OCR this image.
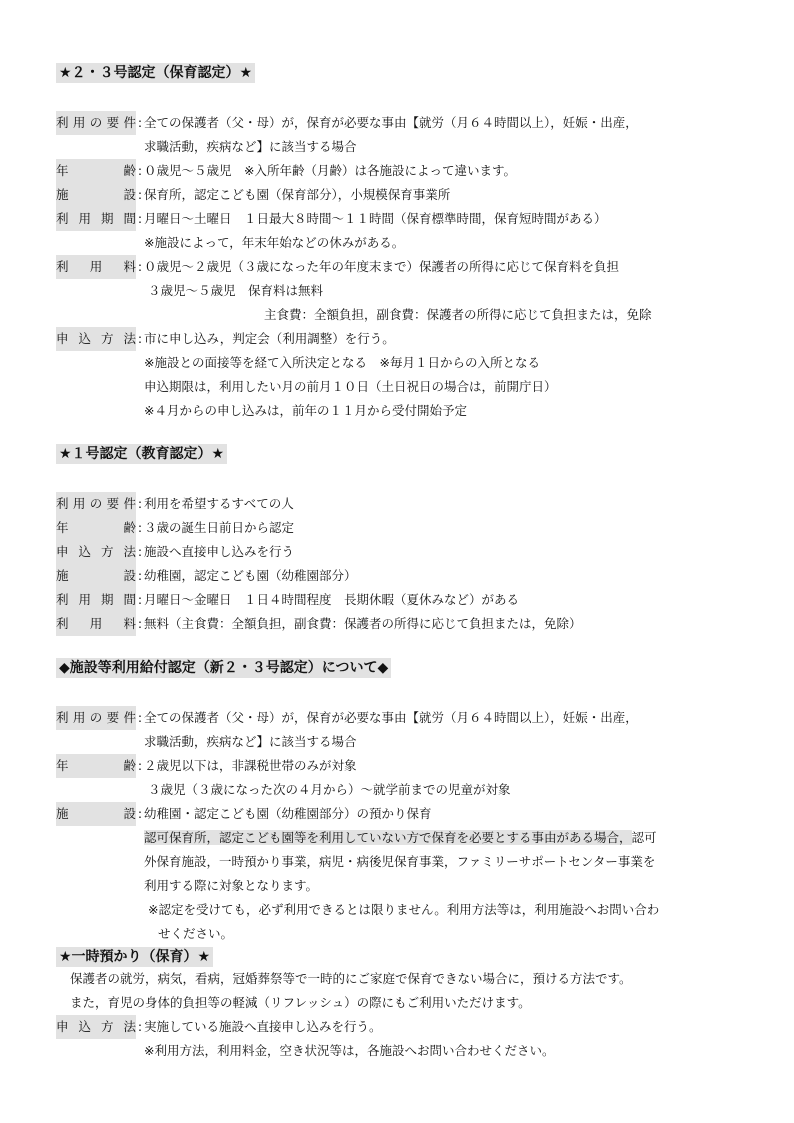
★２・３号認定（保育認定）★
利用の要件 : 全ての保護者（父・母）が，保育が必要な事由【就労（月６４時間以上），妊娠・出産，
求職活動，疾病など】に該当する場合
年齢 : ０歳児～５歳児　※入所年齢（月齢）は各施設によって違います。
施設 : 保育所，認定こども園（保育部分），小規模保育事業所
利用期間 : 月曜日～土曜日　１日最大８時間～１１時間（保育標準時間，保育短時間がある）
※施設によって，年末年始などの休みがある。
利用料 : ０歳児～２歳児（３歳になった年の年度末まで）保護者の所得に応じて保育料を負担
３歳児～５歳児　保育料は無料
主食費：全額負担，副食費：保護者の所得に応じて負担または，免除
申込方法 : 市に申し込み，判定会（利用調整）を行う。
※施設との面接等を経て入所決定となる　※毎月１日からの入所となる
申込期限は，利用したい月の前月１０日（土日祝日の場合は，前開庁日）
※４月からの申し込みは，前年の１１月から受付開始予定
★１号認定（教育認定）★
利用の要件 : 利用を希望するすべての人
年齢 : ３歳の誕生日前日から認定
申込方法 : 施設へ直接申し込みを行う
施設 : 幼稚園，認定こども園（幼稚園部分）
利用期間 : 月曜日～金曜日　１日４時間程度　長期休暇（夏休みなど）がある
利用料 : 無料（主食費：全額負担，副食費：保護者の所得に応じて負担または，免除）
◆施設等利用給付認定（新２・３号認定）について◆
利用の要件 : 全ての保護者（父・母）が，保育が必要な事由【就労（月６４時間以上），妊娠・出産，
求職活動，疾病など】に該当する場合
年齢 : ２歳児以下は，非課税世帯のみが対象
３歳児（３歳になった次の４月から）～就学前までの児童が対象
施設 : 幼稚園・認定こども園（幼稚園部分）の預かり保育
認可保育所，認定こども園等を利用していない方で保育を必要とする事由がある場合，認可
外保育施設，一時預かり事業，病児・病後児保育事業，ファミリーサポートセンター事業を
利用する際に対象となります。
※認定を受けても，必ず利用できるとは限りません。利用方法等は，利用施設へお問い合わ
せください。
★一時預かり（保育）★
保護者の就労，病気，看病，冠婚葬祭等で一時的にご家庭で保育できない場合に，預ける方法です。
また，育児の身体的負担等の軽減（リフレッシュ）の際にもご利用いただけます。
申込方法 : 実施している施設へ直接申し込みを行う。
※利用方法，利用料金，空き状況等は，各施設へお問い合わせください。
